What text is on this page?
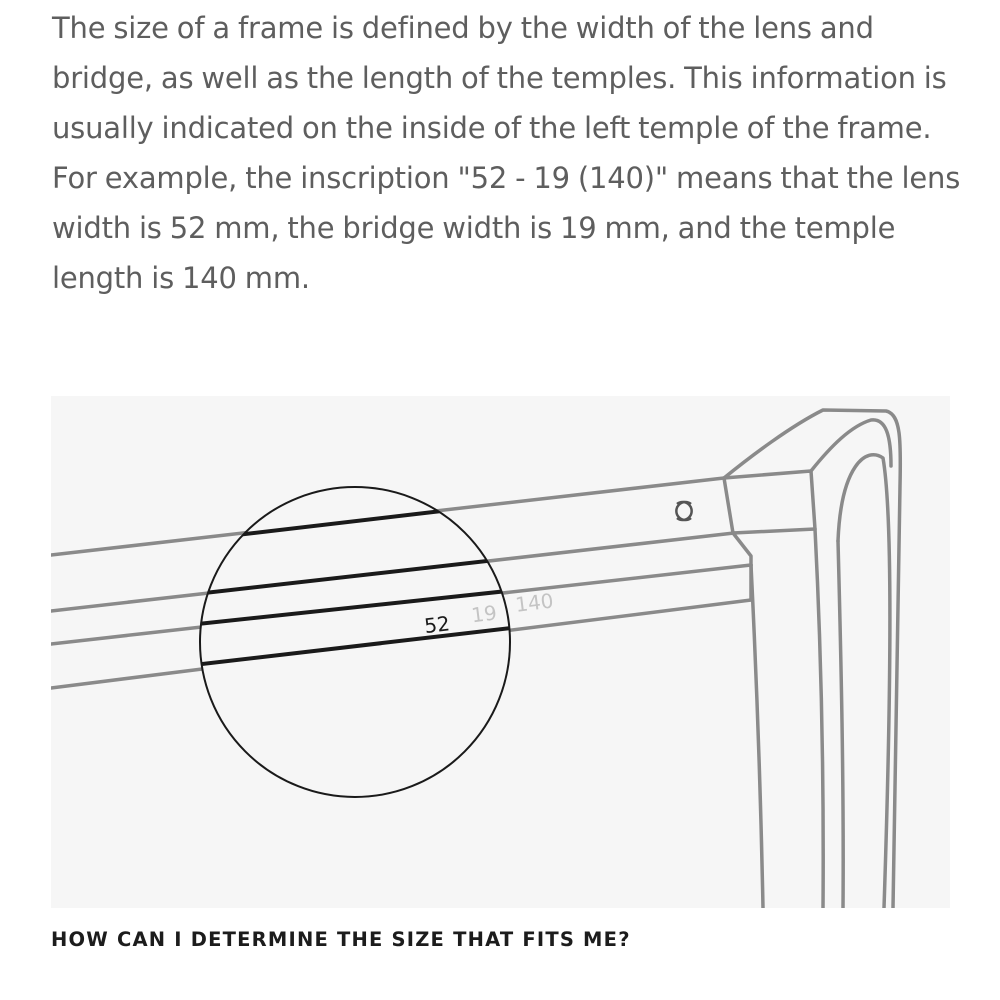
The size of a frame is defined by the width of the lens and bridge, as well as the length of the temples. This information is usually indicated on the inside of the left temple of the frame. For example, the inscription "52 - 19 (140)" means that the lens width is 52 mm, the bridge width is 19 mm, and the temple length is 140 mm.

52 19 140
HOW CAN I DETERMINE THE SIZE THAT FITS ME?
